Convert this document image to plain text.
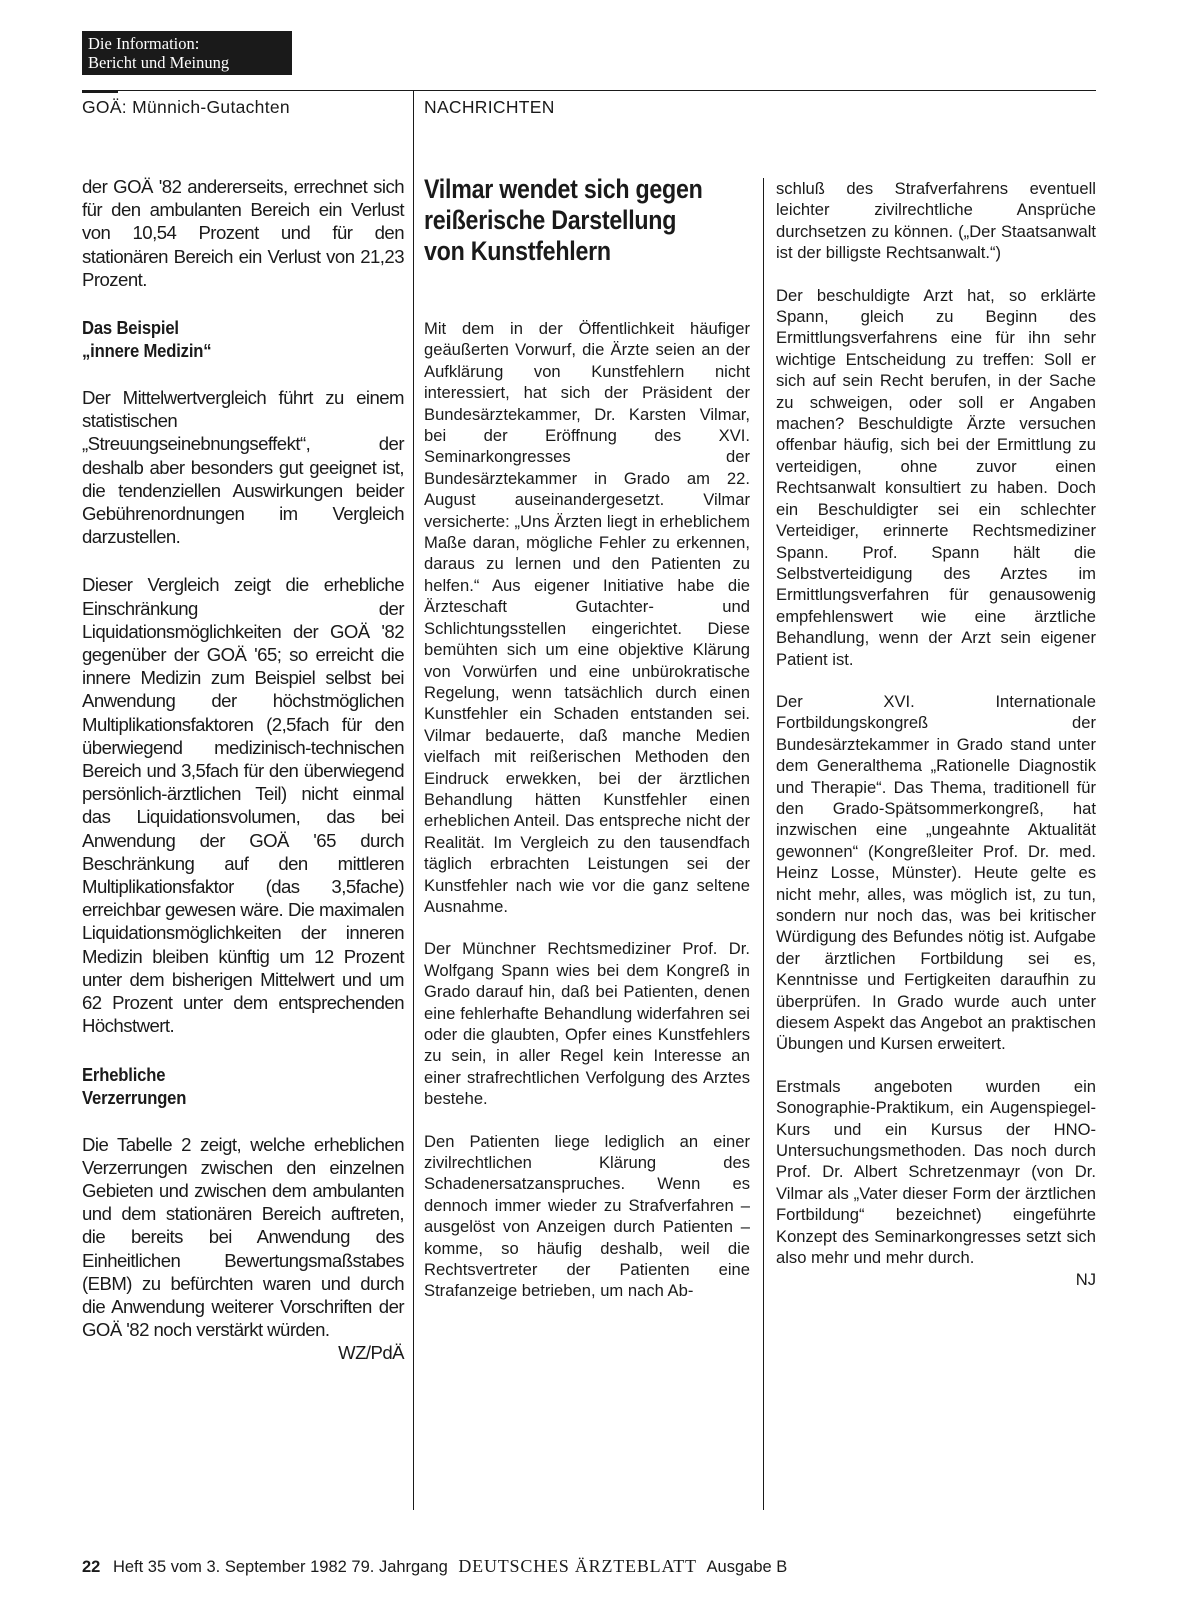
Die Information:
Bericht und Meinung
GOÄ: Münnich-Gutachten	NACHRICHTEN

der GOÄ '82 andererseits, errechnet sich für den ambulanten Bereich ein Verlust von 10,54 Prozent und für den stationären Bereich ein Verlust von 21,23 Prozent.

Das Beispiel
„innere Medizin“

Der Mittelwertvergleich führt zu einem statistischen „Streuungseinebnungseffekt“, der deshalb aber besonders gut geeignet ist, die tendenziellen Auswirkungen beider Gebührenordnungen im Vergleich darzustellen.

Dieser Vergleich zeigt die erhebliche Einschränkung der Liquidationsmöglichkeiten der GOÄ '82 gegenüber der GOÄ '65; so erreicht die innere Medizin zum Beispiel selbst bei Anwendung der höchstmöglichen Multiplikationsfaktoren (2,5fach für den überwiegend medizinisch-technischen Bereich und 3,5fach für den überwiegend persönlich-ärztlichen Teil) nicht einmal das Liquidationsvolumen, das bei Anwendung der GOÄ '65 durch Beschränkung auf den mittleren Multiplikationsfaktor (das 3,5fache) erreichbar gewesen wäre. Die maximalen Liquidationsmöglichkeiten der inneren Medizin bleiben künftig um 12 Prozent unter dem bisherigen Mittelwert und um 62 Prozent unter dem entsprechenden Höchstwert.

Erhebliche
Verzerrungen

Die Tabelle 2 zeigt, welche erheblichen Verzerrungen zwischen den einzelnen Gebieten und zwischen dem ambulanten und dem stationären Bereich auftreten, die bereits bei Anwendung des Einheitlichen Bewertungsmaßstabes (EBM) zu befürchten waren und durch die Anwendung weiterer Vorschriften der GOÄ '82 noch verstärkt würden.

WZ/PdÄ
Vilmar wendet sich gegen
reißerische Darstellung
von Kunstfehlern

Mit dem in der Öffentlichkeit häufiger geäußerten Vorwurf, die Ärzte seien an der Aufklärung von Kunstfehlern nicht interessiert, hat sich der Präsident der Bundesärztekammer, Dr. Karsten Vilmar, bei der Eröffnung des XVI. Seminarkongresses der Bundesärztekammer in Grado am 22. August auseinandergesetzt. Vilmar versicherte: „Uns Ärzten liegt in erheblichem Maße daran, mögliche Fehler zu erkennen, daraus zu lernen und den Patienten zu helfen.“ Aus eigener Initiative habe die Ärzteschaft Gutachter- und Schlichtungsstellen eingerichtet. Diese bemühten sich um eine objektive Klärung von Vorwürfen und eine unbürokratische Regelung, wenn tatsächlich durch einen Kunstfehler ein Schaden entstanden sei. Vilmar bedauerte, daß manche Medien vielfach mit reißerischen Methoden den Eindruck erwekken, bei der ärztlichen Behandlung hätten Kunstfehler einen erheblichen Anteil. Das entspreche nicht der Realität. Im Vergleich zu den tausendfach täglich erbrachten Leistungen sei der Kunstfehler nach wie vor die ganz seltene Ausnahme.

Der Münchner Rechtsmediziner Prof. Dr. Wolfgang Spann wies bei dem Kongreß in Grado darauf hin, daß bei Patienten, denen eine fehlerhafte Behandlung widerfahren sei oder die glaubten, Opfer eines Kunstfehlers zu sein, in aller Regel kein Interesse an einer strafrechtlichen Verfolgung des Arztes bestehe.

Den Patienten liege lediglich an einer zivilrechtlichen Klärung des Schadenersatzanspruches. Wenn es dennoch immer wieder zu Strafverfahren – ausgelöst von Anzeigen durch Patienten – komme, so häufig deshalb, weil die Rechtsvertreter der Patienten eine Strafanzeige betrieben, um nach Ab-

schluß des Strafverfahrens eventuell leichter zivilrechtliche Ansprüche durchsetzen zu können. („Der Staatsanwalt ist der billigste Rechtsanwalt.“)

Der beschuldigte Arzt hat, so erklärte Spann, gleich zu Beginn des Ermittlungsverfahrens eine für ihn sehr wichtige Entscheidung zu treffen: Soll er sich auf sein Recht berufen, in der Sache zu schweigen, oder soll er Angaben machen? Beschuldigte Ärzte versuchen offenbar häufig, sich bei der Ermittlung zu verteidigen, ohne zuvor einen Rechtsanwalt konsultiert zu haben. Doch ein Beschuldigter sei ein schlechter Verteidiger, erinnerte Rechtsmediziner Spann. Prof. Spann hält die Selbstverteidigung des Arztes im Ermittlungsverfahren für genausowenig empfehlenswert wie eine ärztliche Behandlung, wenn der Arzt sein eigener Patient ist.

Der XVI. Internationale Fortbildungskongreß der Bundesärztekammer in Grado stand unter dem Generalthema „Rationelle Diagnostik und Therapie“. Das Thema, traditionell für den Grado-Spätsommerkongreß, hat inzwischen eine „ungeahnte Aktualität gewonnen“ (Kongreßleiter Prof. Dr. med. Heinz Losse, Münster). Heute gelte es nicht mehr, alles, was möglich ist, zu tun, sondern nur noch das, was bei kritischer Würdigung des Befundes nötig ist. Aufgabe der ärztlichen Fortbildung sei es, Kenntnisse und Fertigkeiten daraufhin zu überprüfen. In Grado wurde auch unter diesem Aspekt das Angebot an praktischen Übungen und Kursen erweitert.

Erstmals angeboten wurden ein Sonographie-Praktikum, ein Augenspiegel-Kurs und ein Kursus der HNO-Untersuchungsmethoden. Das noch durch Prof. Dr. Albert Schretzenmayr (von Dr. Vilmar als „Vater dieser Form der ärztlichen Fortbildung“ bezeichnet) eingeführte Konzept des Seminarkongresses setzt sich also mehr und mehr durch.

NJ
22 Heft 35 vom 3. September 1982 79. Jahrgang DEUTSCHES ÄRZTEBLATT Ausgabe B
